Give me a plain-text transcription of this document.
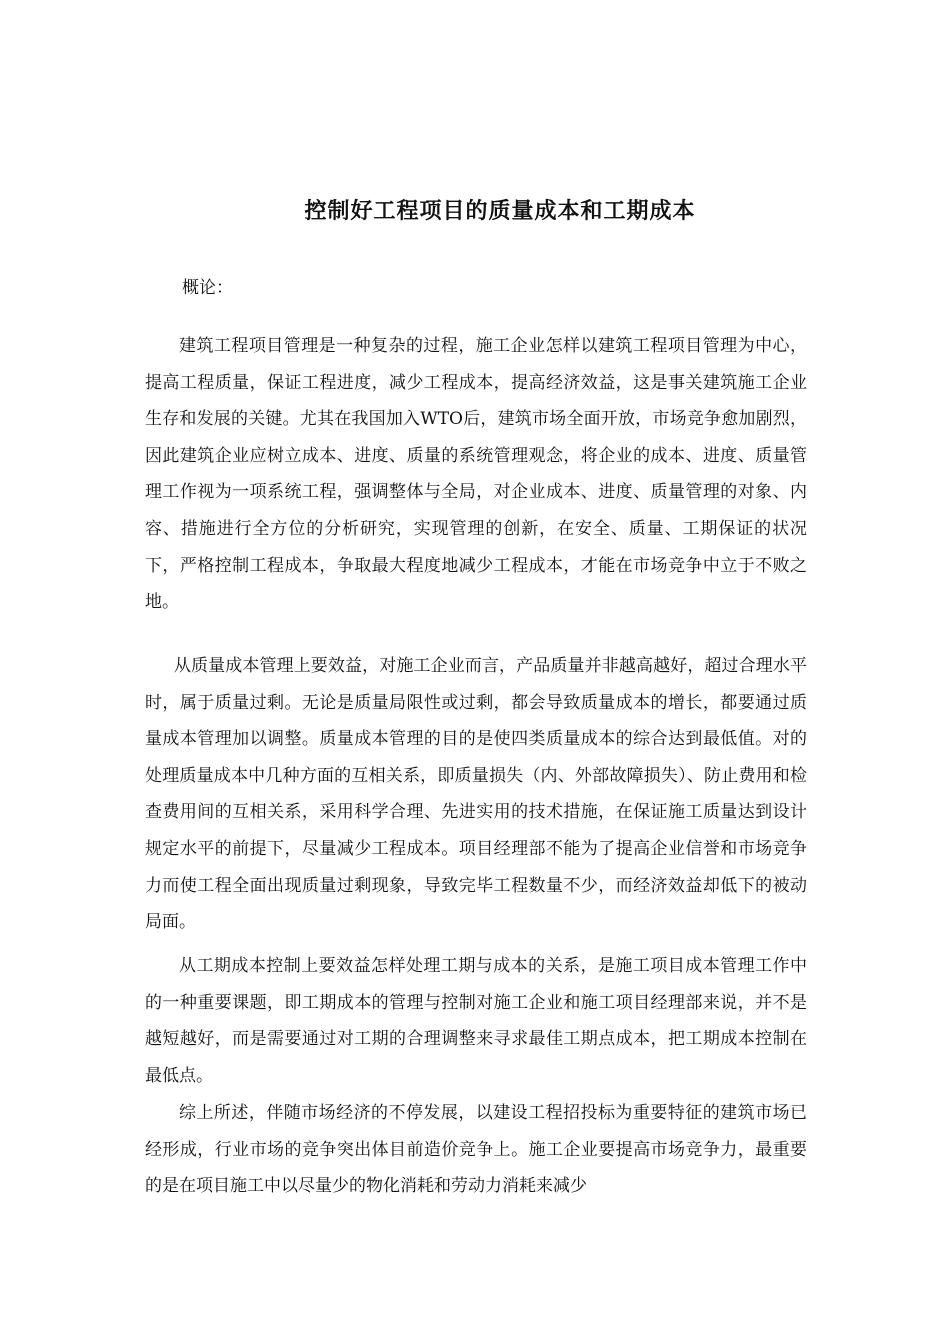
控制好工程项目的质量成本和工期成本

概论：

建筑工程项目管理是一种复杂的过程，施工企业怎样以建筑工程项目管理为中心，提高工程质量，保证工程进度，减少工程成本，提高经济效益，这是事关建筑施工企业生存和发展的关键。尤其在我国加入WTO后，建筑市场全面开放，市场竞争愈加剧烈，因此建筑企业应树立成本、进度、质量的系统管理观念，将企业的成本、进度、质量管理工作视为一项系统工程，强调整体与全局，对企业成本、进度、质量管理的对象、内容、措施进行全方位的分析研究，实现管理的创新，在安全、质量、工期保证的状况下，严格控制工程成本，争取最大程度地减少工程成本，才能在市场竞争中立于不败之地。

从质量成本管理上要效益，对施工企业而言，产品质量并非越高越好，超过合理水平时，属于质量过剩。无论是质量局限性或过剩，都会导致质量成本的增长，都要通过质量成本管理加以调整。质量成本管理的目的是使四类质量成本的综合达到最低值。对的处理质量成本中几种方面的互相关系，即质量损失（内、外部故障损失）、防止费用和检查费用间的互相关系，采用科学合理、先进实用的技术措施，在保证施工质量达到设计规定水平的前提下，尽量减少工程成本。项目经理部不能为了提高企业信誉和市场竞争力而使工程全面出现质量过剩现象，导致完毕工程数量不少，而经济效益却低下的被动局面。

从工期成本控制上要效益怎样处理工期与成本的关系，是施工项目成本管理工作中的一种重要课题，即工期成本的管理与控制对施工企业和施工项目经理部来说，并不是越短越好，而是需要通过对工期的合理调整来寻求最佳工期点成本，把工期成本控制在最低点。

综上所述，伴随市场经济的不停发展，以建设工程招投标为重要特征的建筑市场已经形成，行业市场的竞争突出体目前造价竞争上。施工企业要提高市场竞争力，最重要的是在项目施工中以尽量少的物化消耗和劳动力消耗来减少
